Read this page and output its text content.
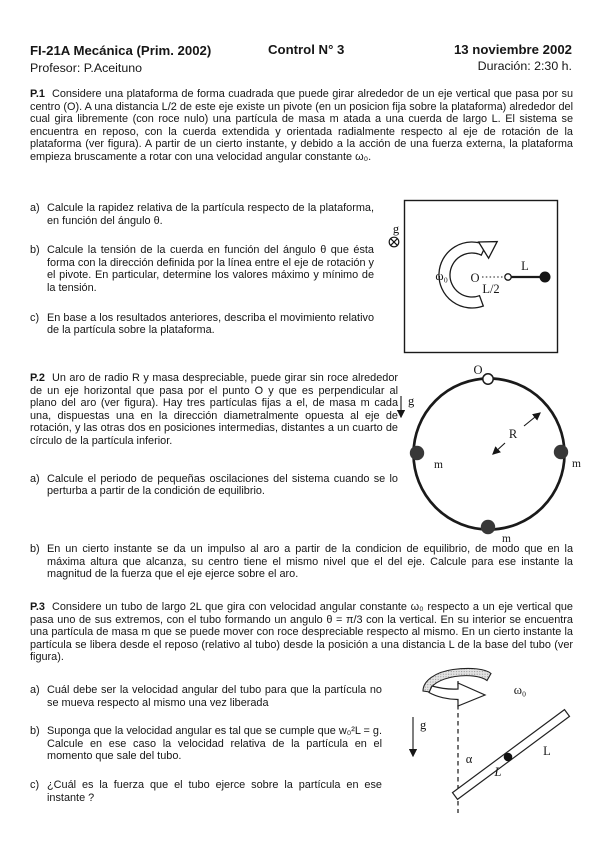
FI-21A Mecánica (Prim. 2002)	Control N° 3	13 noviembre 2002
Profesor: P.Aceituno	Duración: 2:30 h.
P.1 Considere una plataforma de forma cuadrada que puede girar alrededor de un eje vertical que pasa por su centro (O). A una distancia L/2 de este eje existe un pivote (en un posicion fija sobre la plataforma) alrededor del cual gira libremente (con roce nulo) una partícula de masa m atada a una cuerda de largo L. El sistema se encuentra en reposo, con la cuerda extendida y orientada radialmente respecto al eje de rotación de la plataforma (ver figura). A partir de un cierto instante, y debido a la acción de una fuerza externa, la plataforma empieza bruscamente a rotar con una velocidad angular constante ω₀.
a) Calcule la rapidez relativa de la partícula respecto de la plataforma, en función del ángulo θ.
b) Calcule la tensión de la cuerda en función del ángulo θ que ésta forma con la dirección definida por la línea entre el eje de rotación y el pivote. En particular, determine los valores máximo y mínimo de la tensión.
c) En base a los resultados anteriores, describa el movimiento relativo de la partícula sobre la plataforma.
g
ω₀ O
L
L/2
P.2 Un aro de radio R y masa despreciable, puede girar sin roce alrededor de un eje horizontal que pasa por el punto O y que es perpendicular al plano del aro (ver figura). Hay tres partículas fijas a el, de masa m cada una, dispuestas una en la dirección diametralmente opuesta al eje de rotación, y las otras dos en posiciones intermedias, distantes a un cuarto de círculo de la partícula inferior.
a) Calcule el periodo de pequeñas oscilaciones del sistema cuando se lo perturba a partir de la condición de equilibrio.
O
g
R
m	m
m
b) En un cierto instante se da un impulso al aro a partir de la condicion de equilibrio, de modo que en la máxima altura que alcanza, su centro tiene el mismo nivel que el del eje. Calcule para ese instante la magnitud de la fuerza que el eje ejerce sobre el aro.
P.3 Considere un tubo de largo 2L que gira con velocidad angular constante ω₀ respecto a un eje vertical que pasa uno de sus extremos, con el tubo formando un angulo θ = π/3 con la vertical. En su interior se encuentra una partícula de masa m que se puede mover con roce despreciable respecto al mismo. En un cierto instante la partícula se libera desde el reposo (relativo al tubo) desde la posición a una distancia L de la base del tubo (ver figura).
a) Cuál debe ser la velocidad angular del tubo para que la partícula no se mueva respecto al mismo una vez liberada
b) Suponga que la velocidad angular es tal que se cumple que w₀²L = g. Calcule en ese caso la velocidad relativa de la partícula en el momento que sale del tubo.
c) ¿Cuál es la fuerza que el tubo ejerce sobre la partícula en ese instante ?
ω₀
g
α
L
L
